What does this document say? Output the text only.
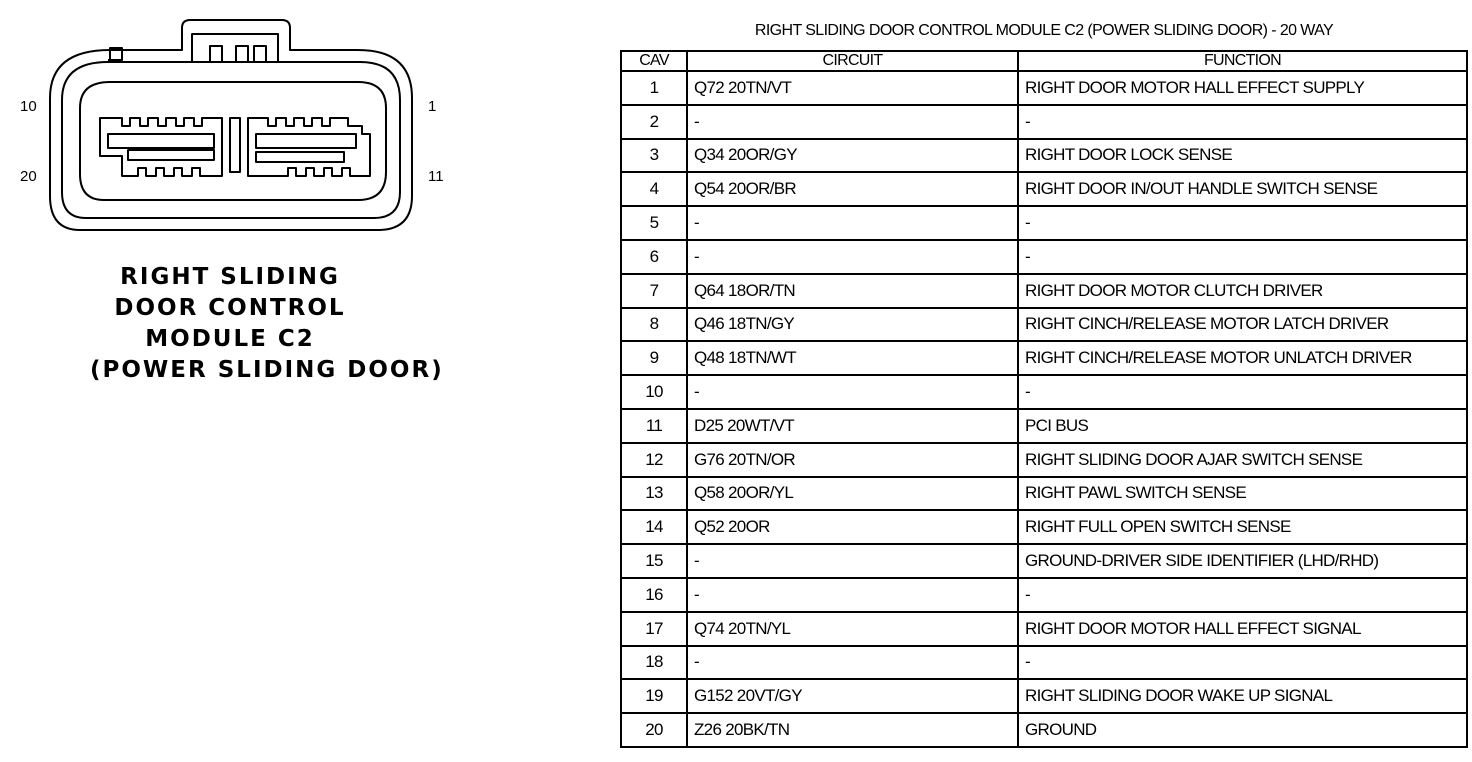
10	1
20	11
RIGHT SLIDING
DOOR CONTROL
MODULE C2
(POWER SLIDING DOOR)
RIGHT SLIDING DOOR CONTROL MODULE C2 (POWER SLIDING DOOR) - 20 WAY
CAV	CIRCUIT	FUNCTION
1	Q72 20TN/VT	RIGHT DOOR MOTOR HALL EFFECT SUPPLY
2	-	-
3	Q34 20OR/GY	RIGHT DOOR LOCK SENSE
4	Q54 20OR/BR	RIGHT DOOR IN/OUT HANDLE SWITCH SENSE
5	-	-
6	-	-
7	Q64 18OR/TN	RIGHT DOOR MOTOR CLUTCH DRIVER
8	Q46 18TN/GY	RIGHT CINCH/RELEASE MOTOR LATCH DRIVER
9	Q48 18TN/WT	RIGHT CINCH/RELEASE MOTOR UNLATCH DRIVER
10	-	-
11	D25 20WT/VT	PCI BUS
12	G76 20TN/OR	RIGHT SLIDING DOOR AJAR SWITCH SENSE
13	Q58 20OR/YL	RIGHT PAWL SWITCH SENSE
14	Q52 20OR	RIGHT FULL OPEN SWITCH SENSE
15	-	GROUND-DRIVER SIDE IDENTIFIER (LHD/RHD)
16	-	-
17	Q74 20TN/YL	RIGHT DOOR MOTOR HALL EFFECT SIGNAL
18	-	-
19	G152 20VT/GY	RIGHT SLIDING DOOR WAKE UP SIGNAL
20	Z26 20BK/TN	GROUND
